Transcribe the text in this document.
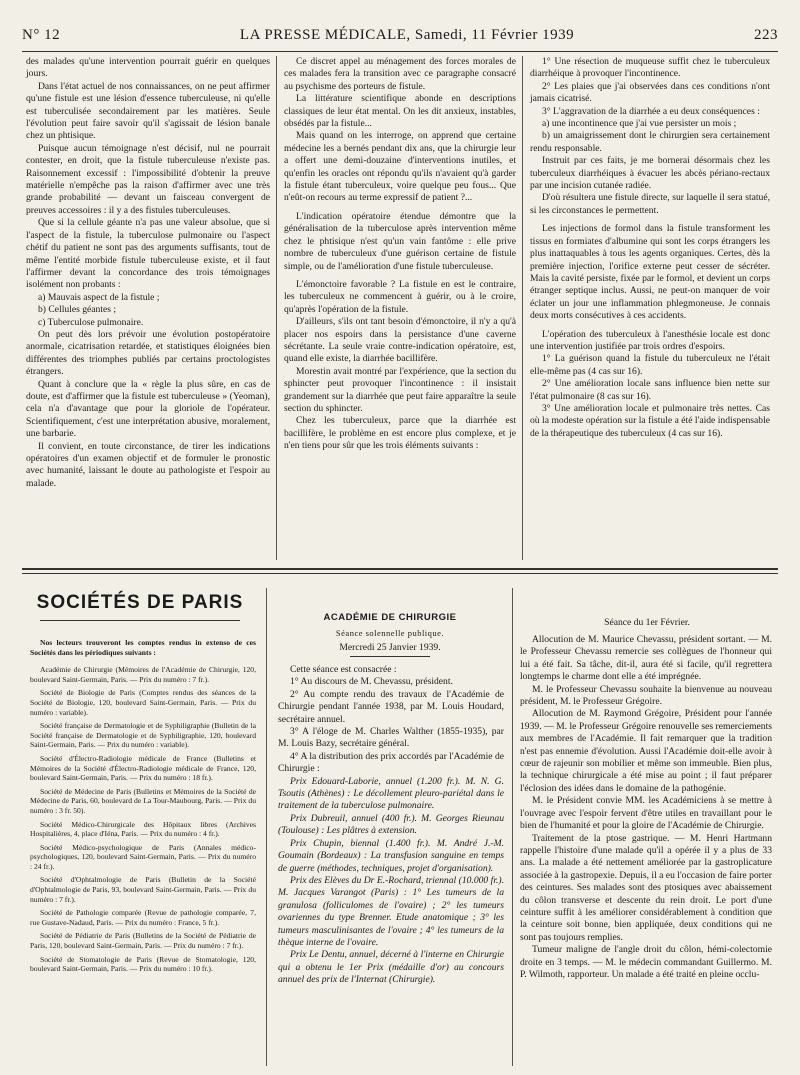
N° 12	LA PRESSE MÉDICALE, Samedi, 11 Février 1939	223

des malades qu'une intervention pourrait guérir en quelques jours.

Dans l'état actuel de nos connaissances, on ne peut affirmer qu'une fistule est une lésion d'essence tuberculeuse, ni qu'elle est tuberculisée secondairement par les matières. Seule l'évolution peut faire savoir qu'il s'agissait de lésion banale chez un phtisique.

Puisque aucun témoignage n'est décisif, nul ne pourrait contester, en droit, que la fistule tuberculeuse n'existe pas. Raisonnement excessif : l'impossibilité d'obtenir la preuve matérielle n'empêche pas la raison d'affirmer avec une très grande probabilité — devant un faisceau convergent de preuves accessoires : il y a des fistules tuberculeuses.

Que si la cellule géante n'a pas une valeur absolue, que si l'aspect de la fistule, la tuberculose pulmonaire ou l'aspect chétif du patient ne sont pas des arguments suffisants, tout de même l'entité morbide fistule tuberculeuse existe, et il faut l'affirmer devant la concordance des trois témoignages isolément non probants :

a) Mauvais aspect de la fistule ;

b) Cellules géantes ;

c) Tuberculose pulmonaire.

On peut dès lors prévoir une évolution postopératoire anormale, cicatrisation retardée, et statistiques éloignées bien différentes des triomphes publiés par certains proctologistes étrangers.

Quant à conclure que la « règle la plus sûre, en cas de doute, est d'affirmer que la fistule est tuberculeuse » (Yeoman), cela n'a d'avantage que pour la gloriole de l'opérateur. Scientifiquement, c'est une interprétation abusive, moralement, une barbarie.

Il convient, en toute circonstance, de tirer les indications opératoires d'un examen objectif et de formuler le pronostic avec humanité, laissant le doute au pathologiste et l'espoir au malade.

Ce discret appel au ménagement des forces morales de ces malades fera la transition avec ce paragraphe consacré au psychisme des porteurs de fistule.

La littérature scientifique abonde en descriptions classiques de leur état mental. On les dit anxieux, instables, obsédés par la fistule...

Mais quand on les interroge, on apprend que certaine médecine les a bernés pendant dix ans, que la chirurgie leur a offert une demi-douzaine d'interventions inutiles, et qu'enfin les oracles ont répondu qu'ils n'avaient qu'à garder la fistule étant tuberculeux, voire quelque peu fous... Que n'eût-on recours au terme expressif de patient ?...

L'indication opératoire étendue démontre que la généralisation de la tuberculose après intervention même chez le phtisique n'est qu'un vain fantôme : elle prive nombre de tuberculeux d'une guérison certaine de fistule simple, ou de l'amélioration d'une fistule tuberculeuse.

L'émonctoire favorable ? La fistule en est le contraire, les tuberculeux ne commencent à guérir, ou à le croire, qu'après l'opération de la fistule.

D'ailleurs, s'ils ont tant besoin d'émonctoire, il n'y a qu'à placer nos espoirs dans la persistance d'une caverne sécrétante. La seule vraie contre-indication opératoire, est, quand elle existe, la diarrhée bacillifère.

Morestin avait montré par l'expérience, que la section du sphincter peut provoquer l'incontinence : il insistait grandement sur la diarrhée que peut faire apparaître la seule section du sphincter.

Chez les tuberculeux, parce que la diarrhée est bacillifère, le problème en est encore plus complexe, et je n'en tiens pour sûr que les trois éléments suivants :

1° Une résection de muqueuse suffit chez le tuberculeux diarrhéique à provoquer l'incontinence.

2° Les plaies que j'ai observées dans ces conditions n'ont jamais cicatrisé.

3° L'aggravation de la diarrhée a eu deux conséquences :

a) une incontinence que j'ai vue persister un mois ;

b) un amaigrissement dont le chirurgien sera certainement rendu responsable.

Instruit par ces faits, je me bornerai désormais chez les tuberculeux diarrhéiques à évacuer les abcès périano-rectaux par une incision cutanée radiée.

D'où résultera une fistule directe, sur laquelle il sera statué, si les circonstances le permettent.

Les injections de formol dans la fistule transforment les tissus en formiates d'albumine qui sont les corps étrangers les plus inattaquables à tous les agents organiques. Certes, dès la première injection, l'orifice externe peut cesser de sécréter. Mais la cavité persiste, fixée par le formol, et devient un corps étranger septique inclus. Aussi, ne peut-on manquer de voir éclater un jour une inflammation phlegmoneuse. Je connais deux morts consécutives à ces accidents.

L'opération des tuberculeux à l'anesthésie locale est donc une intervention justifiée par trois ordres d'espoirs.

1° La guérison quand la fistule du tuberculeux ne l'était elle-même pas (4 cas sur 16).

2° Une amélioration locale sans influence bien nette sur l'état pulmonaire (8 cas sur 16).

3° Une amélioration locale et pulmonaire très nettes. Cas où la modeste opération sur la fistule a été l'aide indispensable de la thérapeutique des tuberculeux (4 cas sur 16).

SOCIÉTÉS DE PARIS

Nos lecteurs trouveront les comptes rendus in extenso de ces Sociétés dans les périodiques suivants :

Académie de Chirurgie (Mémoires de l'Académie de Chirurgie, 120, boulevard Saint-Germain, Paris. — Prix du numéro : 7 fr.).

Société de Biologie de Paris (Comptes rendus des séances de la Société de Biologie, 120, boulevard Saint-Germain, Paris. — Prix du numéro : variable).

Société française de Dermatologie et de Syphiligraphie (Bulletin de la Société française de Dermatologie et de Syphiligraphie, 120, boulevard Saint-Germain, Paris. — Prix du numéro : variable).

Société d'Électro-Radiologie médicale de France (Bulletins et Mémoires de la Société d'Électro-Radiologie médicale de France, 120, boulevard Saint-Germain, Paris. — Prix du numéro : 18 fr.).

Société de Médecine de Paris (Bulletins et Mémoires de la Société de Médecine de Paris, 60, boulevard de La Tour-Maubourg, Paris. — Prix du numéro : 3 fr. 50).

Société Médico-Chirurgicale des Hôpitaux libres (Archives Hospitalières, 4, place d'Iéna, Paris. — Prix du numéro : 4 fr.).

Société Médico-psychologique de Paris (Annales médico-psychologiques, 120, boulevard Saint-Germain, Paris. — Prix du numéro : 24 fr.).

Société d'Ophtalmologie de Paris (Bulletin de la Société d'Ophtalmologie de Paris, 93, boulevard Saint-Germain, Paris. — Prix du numéro : 7 fr.).

Société de Pathologie comparée (Revue de pathologie comparée, 7, rue Gustave-Nadaud, Paris. — Prix du numéro : France, 5 fr.).

Société de Pédiatrie de Paris (Bulletins de la Société de Pédiatrie de Paris, 120, boulevard Saint-Germain, Paris. — Prix du numéro : 7 fr.).

Société de Stomatologie de Paris (Revue de Stomatologie, 120, boulevard Saint-Germain, Paris. — Prix du numéro : 10 fr.).

ACADÉMIE DE CHIRURGIE
Séance solennelle publique.
Mercredi 25 Janvier 1939.

Cette séance est consacrée :

1° Au discours de M. Chevassu, président.

2° Au compte rendu des travaux de l'Académie de Chirurgie pendant l'année 1938, par M. Louis Houdard, secrétaire annuel.

3° A l'éloge de M. Charles Walther (1855-1935), par M. Louis Bazy, secrétaire général.

4° A la distribution des prix accordés par l'Académie de Chirurgie :

Prix Edouard-Laborie, annuel (1.200 fr.). M. N. G. Tsoutis (Athènes) : Le décollement pleuro-pariétal dans le traitement de la tuberculose pulmonaire.

Prix Dubreuil, annuel (400 fr.). M. Georges Rieunau (Toulouse) : Les plâtres à extension.

Prix Chupin, biennal (1.400 fr.). M. André J.-M. Goumain (Bordeaux) : La transfusion sanguine en temps de guerre (méthodes, techniques, projet d'organisation).

Prix des Elèves du Dr E.-Rochard, triennal (10.000 fr.). M. Jacques Varangot (Paris) : 1° Les tumeurs de la granulosa (folliculomes de l'ovaire) ; 2° les tumeurs ovariennes du type Brenner. Etude anatomique ; 3° les tumeurs masculinisantes de l'ovaire ; 4° les tumeurs de la thèque interne de l'ovaire.

Prix Le Dentu, annuel, décerné à l'interne en Chirurgie qui a obtenu le 1er Prix (médaille d'or) au concours annuel des prix de l'Internat (Chirurgie).

Séance du 1er Février.

Allocution de M. Maurice Chevassu, président sortant. — M. le Professeur Chevassu remercie ses collègues de l'honneur qui lui a été fait. Sa tâche, dit-il, aura été si facile, qu'il regrettera longtemps le charme dont elle a été imprégnée.

M. le Professeur Chevassu souhaite la bienvenue au nouveau président, M. le Professeur Grégoire.

Allocution de M. Raymond Grégoire, Président pour l'année 1939. — M. le Professeur Grégoire renouvelle ses remerciements aux membres de l'Académie. Il fait remarquer que la tradition n'est pas ennemie d'évolution. Aussi l'Académie doit-elle avoir à cœur de rajeunir son mobilier et même son immeuble. Bien plus, la technique chirurgicale a été mise au point ; il faut préparer l'éclosion des idées dans le domaine de la pathogénie.

M. le Président convie MM. les Académiciens à se mettre à l'ouvrage avec l'espoir fervent d'être utiles en travaillant pour le bien de l'humanité et pour la gloire de l'Académie de Chirurgie.

Traitement de la ptose gastrique. — M. Henri Hartmann rappelle l'histoire d'une malade qu'il a opérée il y a plus de 33 ans. La malade a été nettement améliorée par la gastroplicature associée à la gastropexie. Depuis, il a eu l'occasion de faire porter des ceintures. Ses malades sont des ptosiques avec abaissement du côlon transverse et descente du rein droit. Le port d'une ceinture suffit à les améliorer considérablement à condition que la ceinture soit bonne, bien appliquée, deux conditions qui ne sont pas toujours remplies.

Tumeur maligne de l'angle droit du côlon, hémi-colectomie droite en 3 temps. — M. le médecin commandant Guillermo. M. P. Wilmoth, rapporteur. Un malade a été traité en pleine occlu-
